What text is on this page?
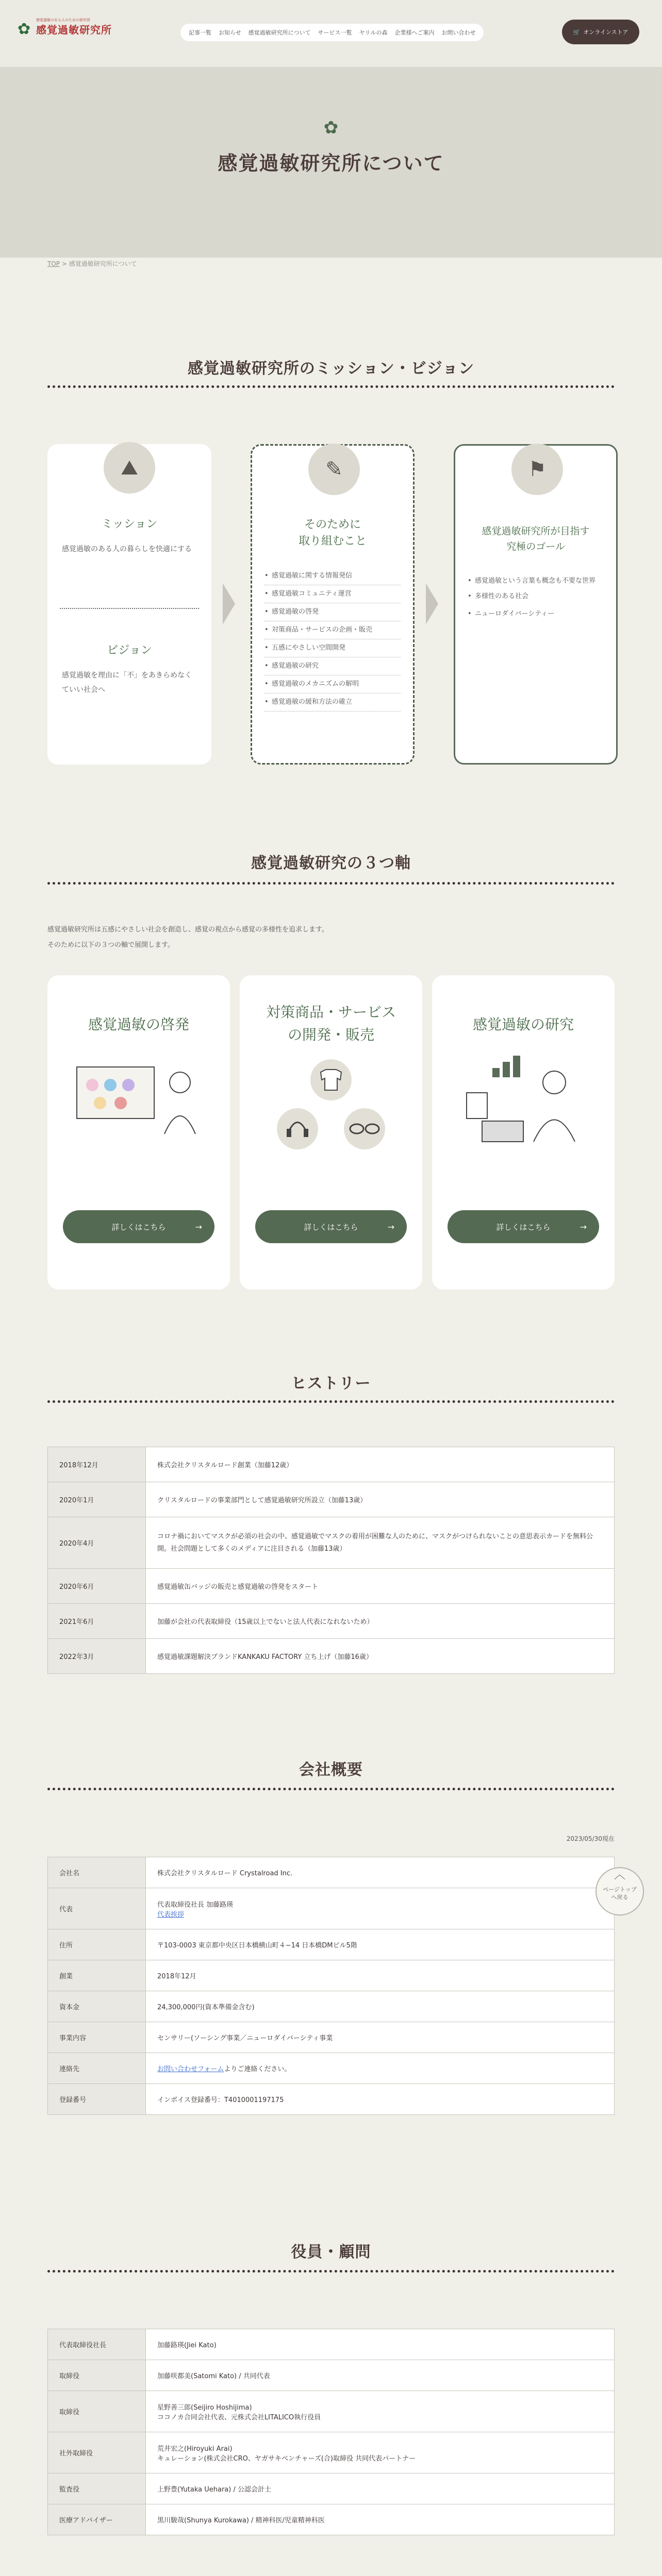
✿	感覚過敏のある人のための研究所
感覚過敏研究所	記事一覧 お知らせ 感覚過敏研究所について サービス一覧 ヤリルの森 企業様へご案内 お問い合わせ	🛒 オンラインストア
✿
感覚過敏研究所について
TOP > 感覚過敏研究所について
感覚過敏研究所のミッション・ビジョン
⛰
ミッション
感覚過敏のある人の暮らしを快適にする
ビジョン
感覚過敏を理由に「不」をあきらめなくていい社会へ
✎
そのために
取り組むこと
• 感覚過敏に関する情報発信
• 感覚過敏コミュニティ運営
• 感覚過敏の啓発
• 対策商品・サービスの企画・販売
• 五感にやさしい空間開発
• 感覚過敏の研究
• 感覚過敏のメカニズムの解明
• 感覚過敏の緩和方法の確立
⚑
感覚過敏研究所が目指す
究極のゴール
• 感覚過敏という言葉も概念も不要な世界
• 多様性のある社会
• ニューロダイバーシティー
感覚過敏研究の３つ軸
感覚過敏研究所は五感にやさしい社会を創造し、感覚の視点から感覚の多様性を追求します。
そのために以下の３つの軸で展開します。
感覚過敏の啓発
詳しくはこちら	→
対策商品・サービス
の開発・販売
詳しくはこちら	→
感覚過敏の研究
詳しくはこちら	→
ヒストリー
2018年12月	株式会社クリスタルロード創業（加藤12歳）
2020年1月	クリスタルロードの事業部門として感覚過敏研究所設立（加藤13歳）
2020年4月	コロナ禍においてマスクが必須の社会の中、感覚過敏でマスクの着用が困難な人のために、マスクがつけられないことの意思表示カードを無料公開。社会問題として多くのメディアに注目される（加藤13歳）
2020年6月	感覚過敏缶バッジの販売と感覚過敏の啓発をスタート
2021年6月	加藤が会社の代表取締役（15歳以上でないと法人代表になれないため）
2022年3月	感覚過敏課題解決ブランドKANKAKU FACTORY 立ち上げ（加藤16歳）
会社概要
2023/05/30現在
会社名	株式会社クリスタルロード Crystalroad Inc.
代表	代表取締役社長 加藤路瑛
代表挨拶
住所	〒103-0003 東京都中央区日本橋横山町４−14 日本橋DMビル5階
創業	2018年12月
資本金	24,300,000円(資本準備金含む)
事業内容	センサリー(ソーシング事業／ニューロダイバーシティ事業
連絡先	お問い合わせフォームよりご連絡ください。
登録番号	インボイス登録番号：T4010001197175
︿ ページトップ
へ戻る
役員・顧問
代表取締役社長	加藤路瑛(Jiei Kato)
取締役	加藤咲都美(Satomi Kato) / 共同代表
取締役	星野善三郎(Seijiro Hoshijima)
ココノカ合同会社代表、元株式会社LITALICO執行役員

社外取締役	荒井宏之(Hiroyuki Arai)
キュレーション(株式会社CRO、ヤガサキベンチャーズ(合)取締役 共同代表パートナー

監査役	上野豊(Yutaka Uehara) / 公認会計士
医療アドバイザー	黒川駿哉(Shunya Kurokawa) / 精神科医/児童精神科医
